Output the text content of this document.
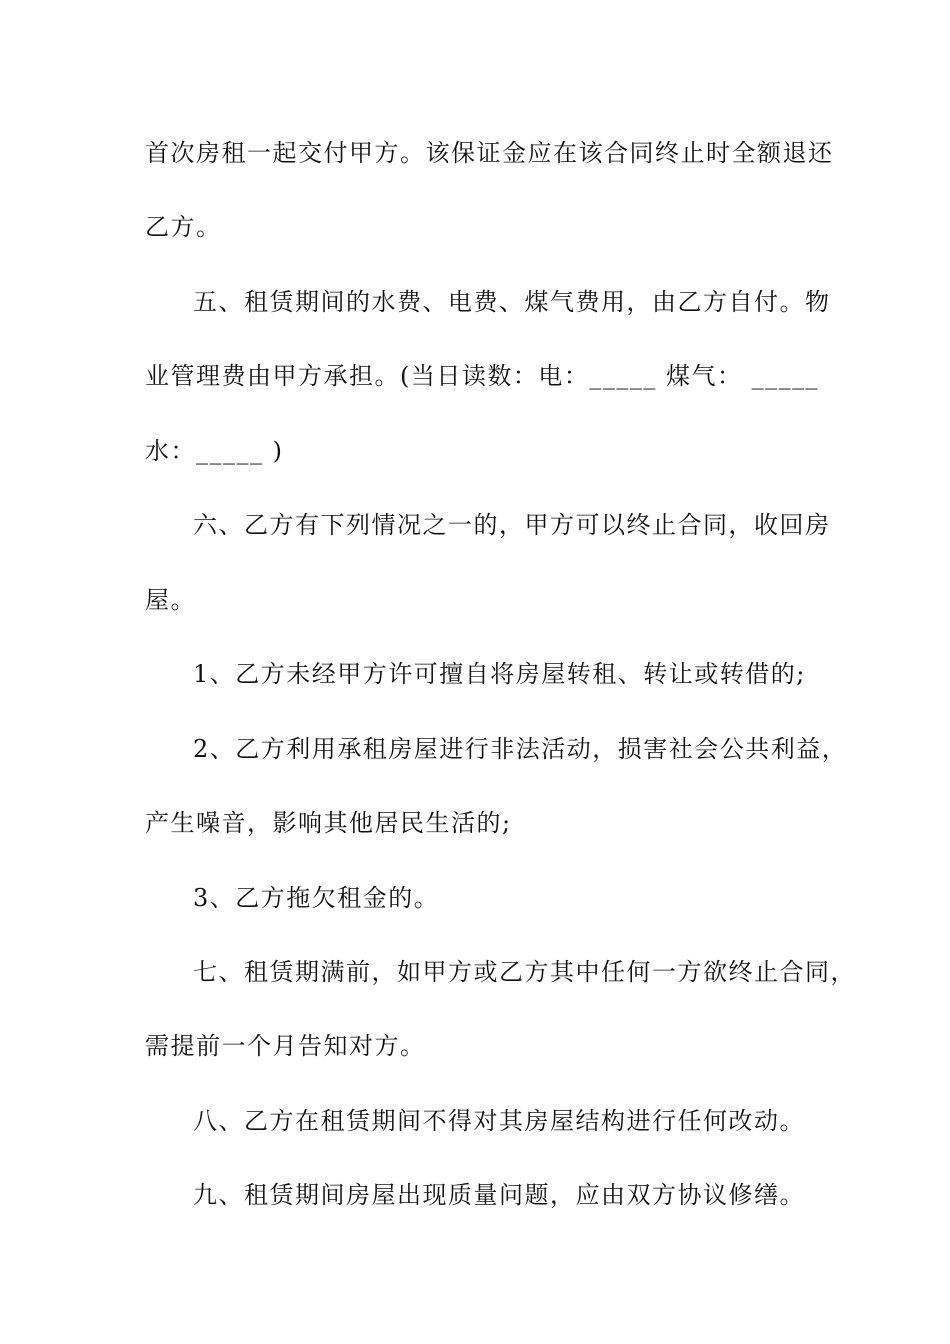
首次房租一起交付甲方。该保证金应在该合同终止时全额退还
乙方。
五、租赁期间的水费、电费、煤气费用，由乙方自付。物
业管理费由甲方承担。(当日读数：电：_____ 煤气： _____
水：_____ )
六、乙方有下列情况之一的，甲方可以终止合同，收回房
屋。
1、乙方未经甲方许可擅自将房屋转租、转让或转借的;
2、乙方利用承租房屋进行非法活动，损害社会公共利益，
产生噪音，影响其他居民生活的;
3、乙方拖欠租金的。
七、租赁期满前，如甲方或乙方其中任何一方欲终止合同，
需提前一个月告知对方。
八、乙方在租赁期间不得对其房屋结构进行任何改动。
九、租赁期间房屋出现质量问题，应由双方协议修缮。
